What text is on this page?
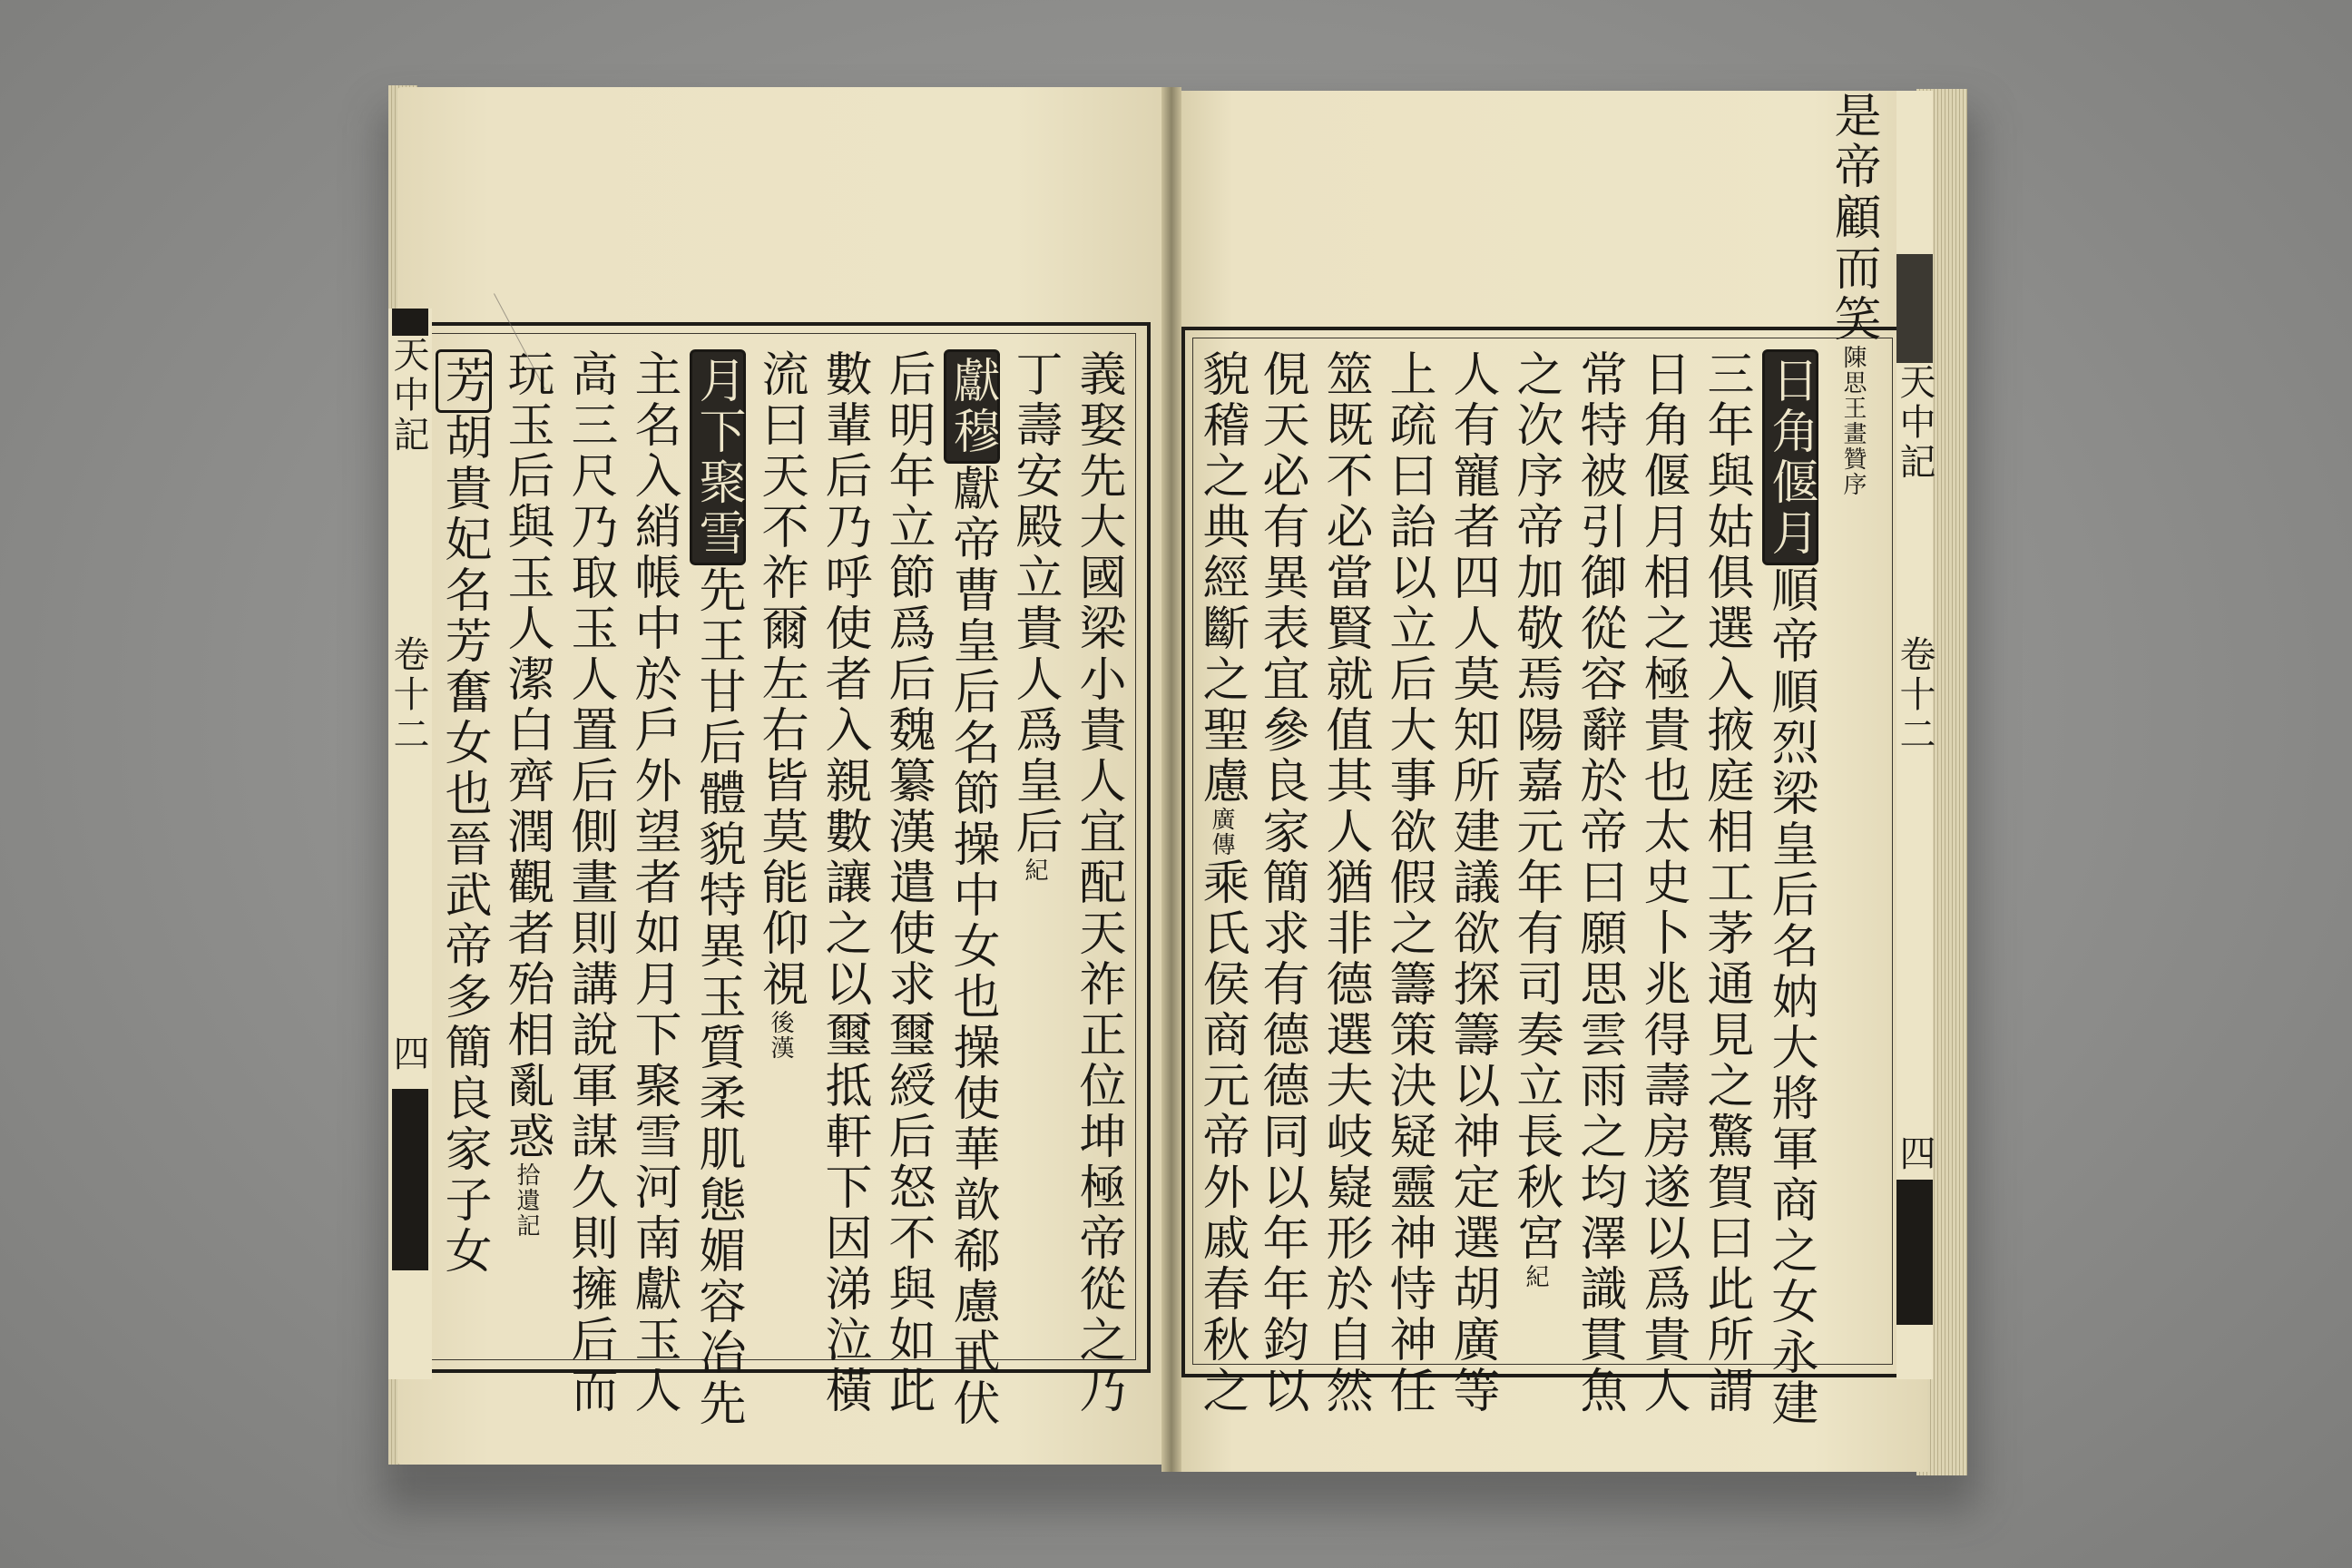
天中記
卷十二
四
天中記
卷十二
四
義娶先大國梁小貴人宜配天祚正位坤極帝從之乃
丁壽安殿立貴人爲皇后紀
獻穆獻帝曹皇后名節操中女也操使華歆郗慮甙伏
后明年立節爲后魏纂漢遣使求璽綬后怒不與如此
數輩后乃呼使者入親數讓之以璽抵軒下因涕泣橫
流曰天不祚爾左右皆莫能仰視後漢
月下聚雪先王甘后體貌特異玉質柔肌態媚容冶先
主名入綃帳中於戶外望者如月下聚雪河南獻玉人
高三尺乃取玉人置后側晝則講說軍謀久則擁后而
玩玉后與玉人潔白齊潤觀者殆相亂惑拾遺記
芳胡貴妃名芳奮女也晉武帝多簡良家子女
是帝顧而笑陳思王畫贊序
日角偃月順帝順烈梁皇后名妠大將軍商之女永建
三年與姑俱選入掖庭相工茅通見之驚賀曰此所謂
日角偃月相之極貴也太史卜兆得壽房遂以爲貴人
常特被引御從容辭於帝曰願思雲雨之均澤識貫魚
之次序帝加敬焉陽嘉元年有司奏立長秋宮紀
人有寵者四人莫知所建議欲探籌以神定選胡廣等
上疏曰詒以立后大事欲假之籌策決疑靈神恃神任
筮既不必當賢就值其人猶非德選夫岐嶷形於自然
俔天必有異表宜參良家簡求有德德同以年年鈞以
貌稽之典經斷之聖慮廣傳乘氏侯商元帝外戚春秋之
